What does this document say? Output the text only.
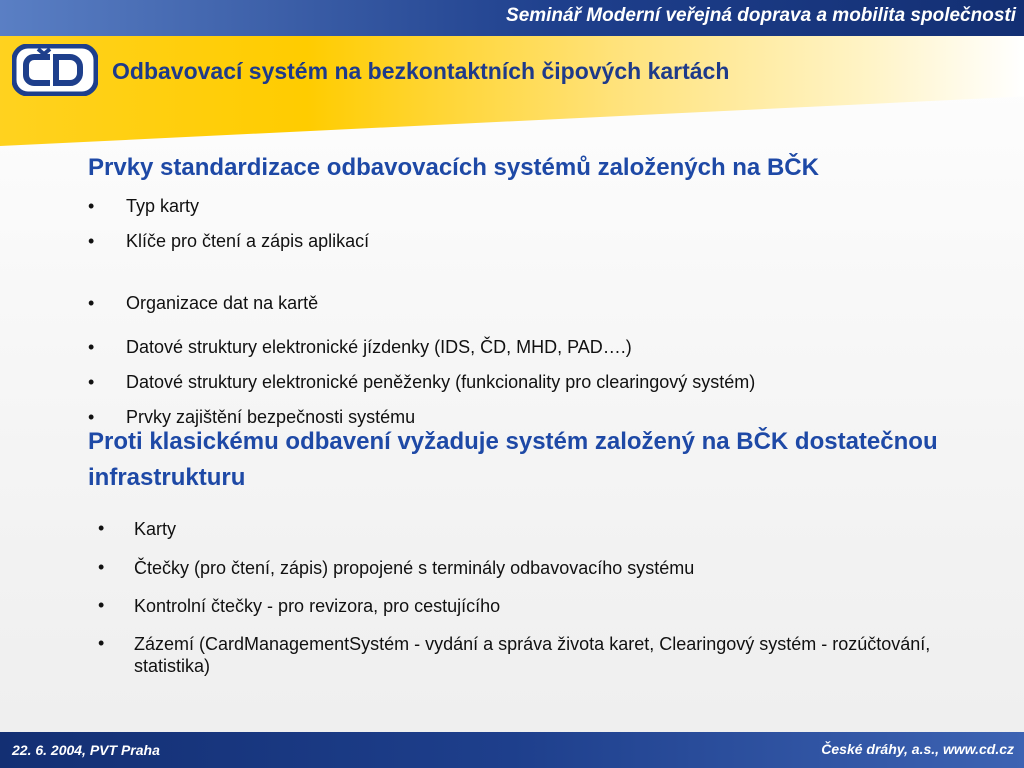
Seminář Moderní veřejná doprava a mobilita společnosti
Odbavovací systém na bezkontaktních čipových kartách
Prvky standardizace odbavovacích systémů založených na BČK
• Typ karty
• Klíče pro čtení a zápis aplikací
• Organizace dat na kartě
• Datové struktury elektronické jízdenky (IDS, ČD, MHD, PAD….)
• Datové struktury elektronické peněženky (funkcionality pro clearingový systém)
• Prvky zajištění bezpečnosti systému
Proti klasickému odbavení vyžaduje systém založený na BČK dostatečnou infrastrukturu
• Karty
• Čtečky (pro čtení, zápis) propojené s terminály odbavovacího systému
• Kontrolní čtečky - pro revizora, pro cestujícího
• Zázemí (CardManagementSystém - vydání a správa života karet, Clearingový systém - rozúčtování, statistika)
22. 6. 2004, PVT Praha	České dráhy, a.s., www.cd.cz
